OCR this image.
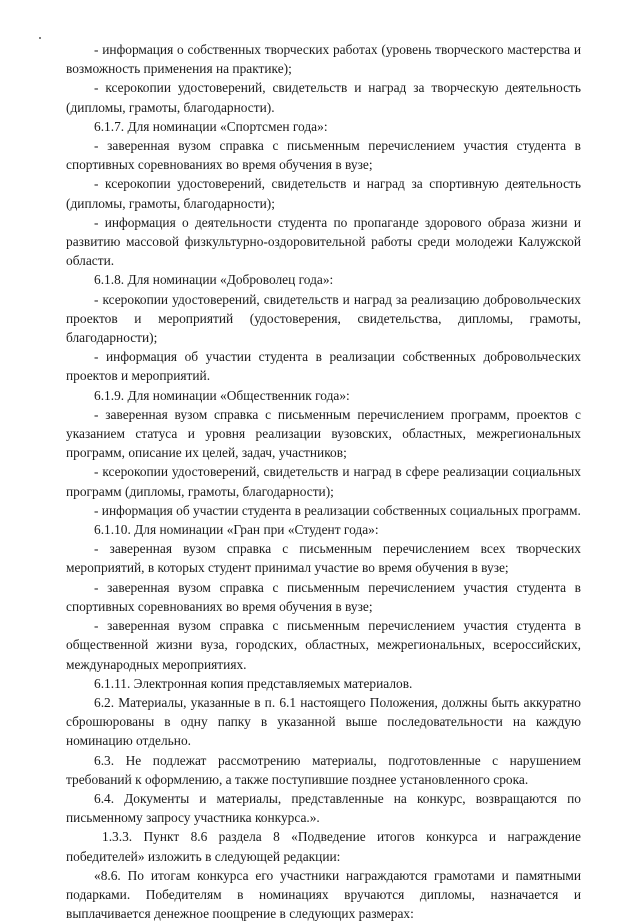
- информация о собственных творческих работах (уровень творческого мастерства и возможность применения на практике);

- ксерокопии удостоверений, свидетельств и наград за творческую деятельность (дипломы, грамоты, благодарности).

6.1.7. Для номинации «Спортсмен года»:

- заверенная вузом справка с письменным перечислением участия студента в спортивных соревнованиях во время обучения в вузе;

- ксерокопии удостоверений, свидетельств и наград за спортивную деятельность (дипломы, грамоты, благодарности);

- информация о деятельности студента по пропаганде здорового образа жизни и развитию массовой физкультурно-оздоровительной работы среди молодежи Калужской области.

6.1.8. Для номинации «Доброволец года»:

- ксерокопии удостоверений, свидетельств и наград за реализацию добровольческих проектов и мероприятий (удостоверения, свидетельства, дипломы, грамоты, благодарности);

- информация об участии студента в реализации собственных добровольческих проектов и мероприятий.

6.1.9. Для номинации «Общественник года»:

- заверенная вузом справка с письменным перечислением программ, проектов с указанием статуса и уровня реализации вузовских, областных, межрегиональных программ, описание их целей, задач, участников;

- ксерокопии удостоверений, свидетельств и наград в сфере реализации социальных программ (дипломы, грамоты, благодарности);

- информация об участии студента в реализации собственных социальных программ.

6.1.10. Для номинации «Гран при «Студент года»:

- заверенная вузом справка с письменным перечислением всех творческих мероприятий, в которых студент принимал участие во время обучения в вузе;

- заверенная вузом справка с письменным перечислением участия студента в спортивных соревнованиях во время обучения в вузе;

- заверенная вузом справка с письменным перечислением участия студента в общественной жизни вуза, городских, областных, межрегиональных, всероссийских, международных мероприятиях.

6.1.11. Электронная копия представляемых материалов.

6.2. Материалы, указанные в п. 6.1 настоящего Положения, должны быть аккуратно сброшюрованы в одну папку в указанной выше последовательности на каждую номинацию отдельно.

6.3. Не подлежат рассмотрению материалы, подготовленные с нарушением требований к оформлению, а также поступившие позднее установленного срока.

6.4. Документы и материалы, представленные на конкурс, возвращаются по письменному запросу участника конкурса.».

1.3.3. Пункт 8.6 раздела 8 «Подведение итогов конкурса и награждение победителей» изложить в следующей редакции:

«8.6. По итогам конкурса его участники награждаются грамотами и памятными подарками. Победителям в номинациях вручаются дипломы, назначается и выплачивается денежное поощрение в следующих размерах:
